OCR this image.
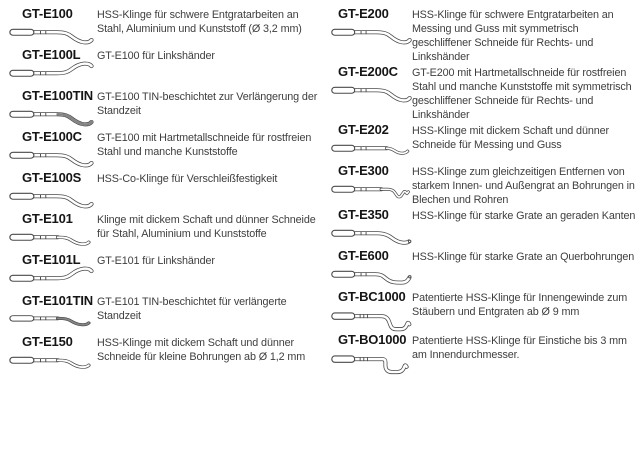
GT-E100	HSS-Klinge für schwere Entgratarbeiten an Stahl, Aluminium und Kunststoff (Ø 3,2 mm)

GT-E100L	GT-E100 für Linkshänder

GT-E100TIN GT-E100 TIN-beschichtet zur Verlängerung der Standzeit

GT-E100C	GT-E100 mit Hartmetallschneide für rostfreien Stahl und manche Kunststoffe

GT-E100S	HSS-Co-Klinge für Verschleißfestigkeit

GT-E101	Klinge mit dickem Schaft und dünner Schneide für Stahl, Aluminium und Kunststoffe

GT-E101L	GT-E101 für Linkshänder

GT-E101TIN GT-E101 TIN-beschichtet für verlängerte Standzeit

GT-E150	HSS-Klinge mit dickem Schaft und dünner Schneide für kleine Bohrungen ab Ø 1,2 mm

GT-E200	HSS-Klinge für schwere Entgratarbeiten an Messing und Guss mit symmetrisch geschliffener Schneide für Rechts- und Linkshänder

GT-E200C	GT-E200 mit Hartmetallschneide für rostfreien Stahl und manche Kunststoffe mit symmetrisch geschliffener Schneide für Rechts- und Linkshänder

GT-E202	HSS-Klinge mit dickem Schaft und dünner Schneide für Messing und Guss

GT-E300	HSS-Klinge zum gleichzeitigen Entfernen von starkem Innen- und Außengrat an Bohrungen in Blechen und Rohren

GT-E350	HSS-Klinge für starke Grate an geraden Kanten

GT-E600	HSS-Klinge für starke Grate an Querbohrungen

GT-BC1000 Patentierte HSS-Klinge für Innengewinde zum Stäubern und Entgraten ab Ø 9 mm

GT-BO1000 Patentierte HSS-Klinge für Einstiche bis 3 mm am Innendurchmesser.
